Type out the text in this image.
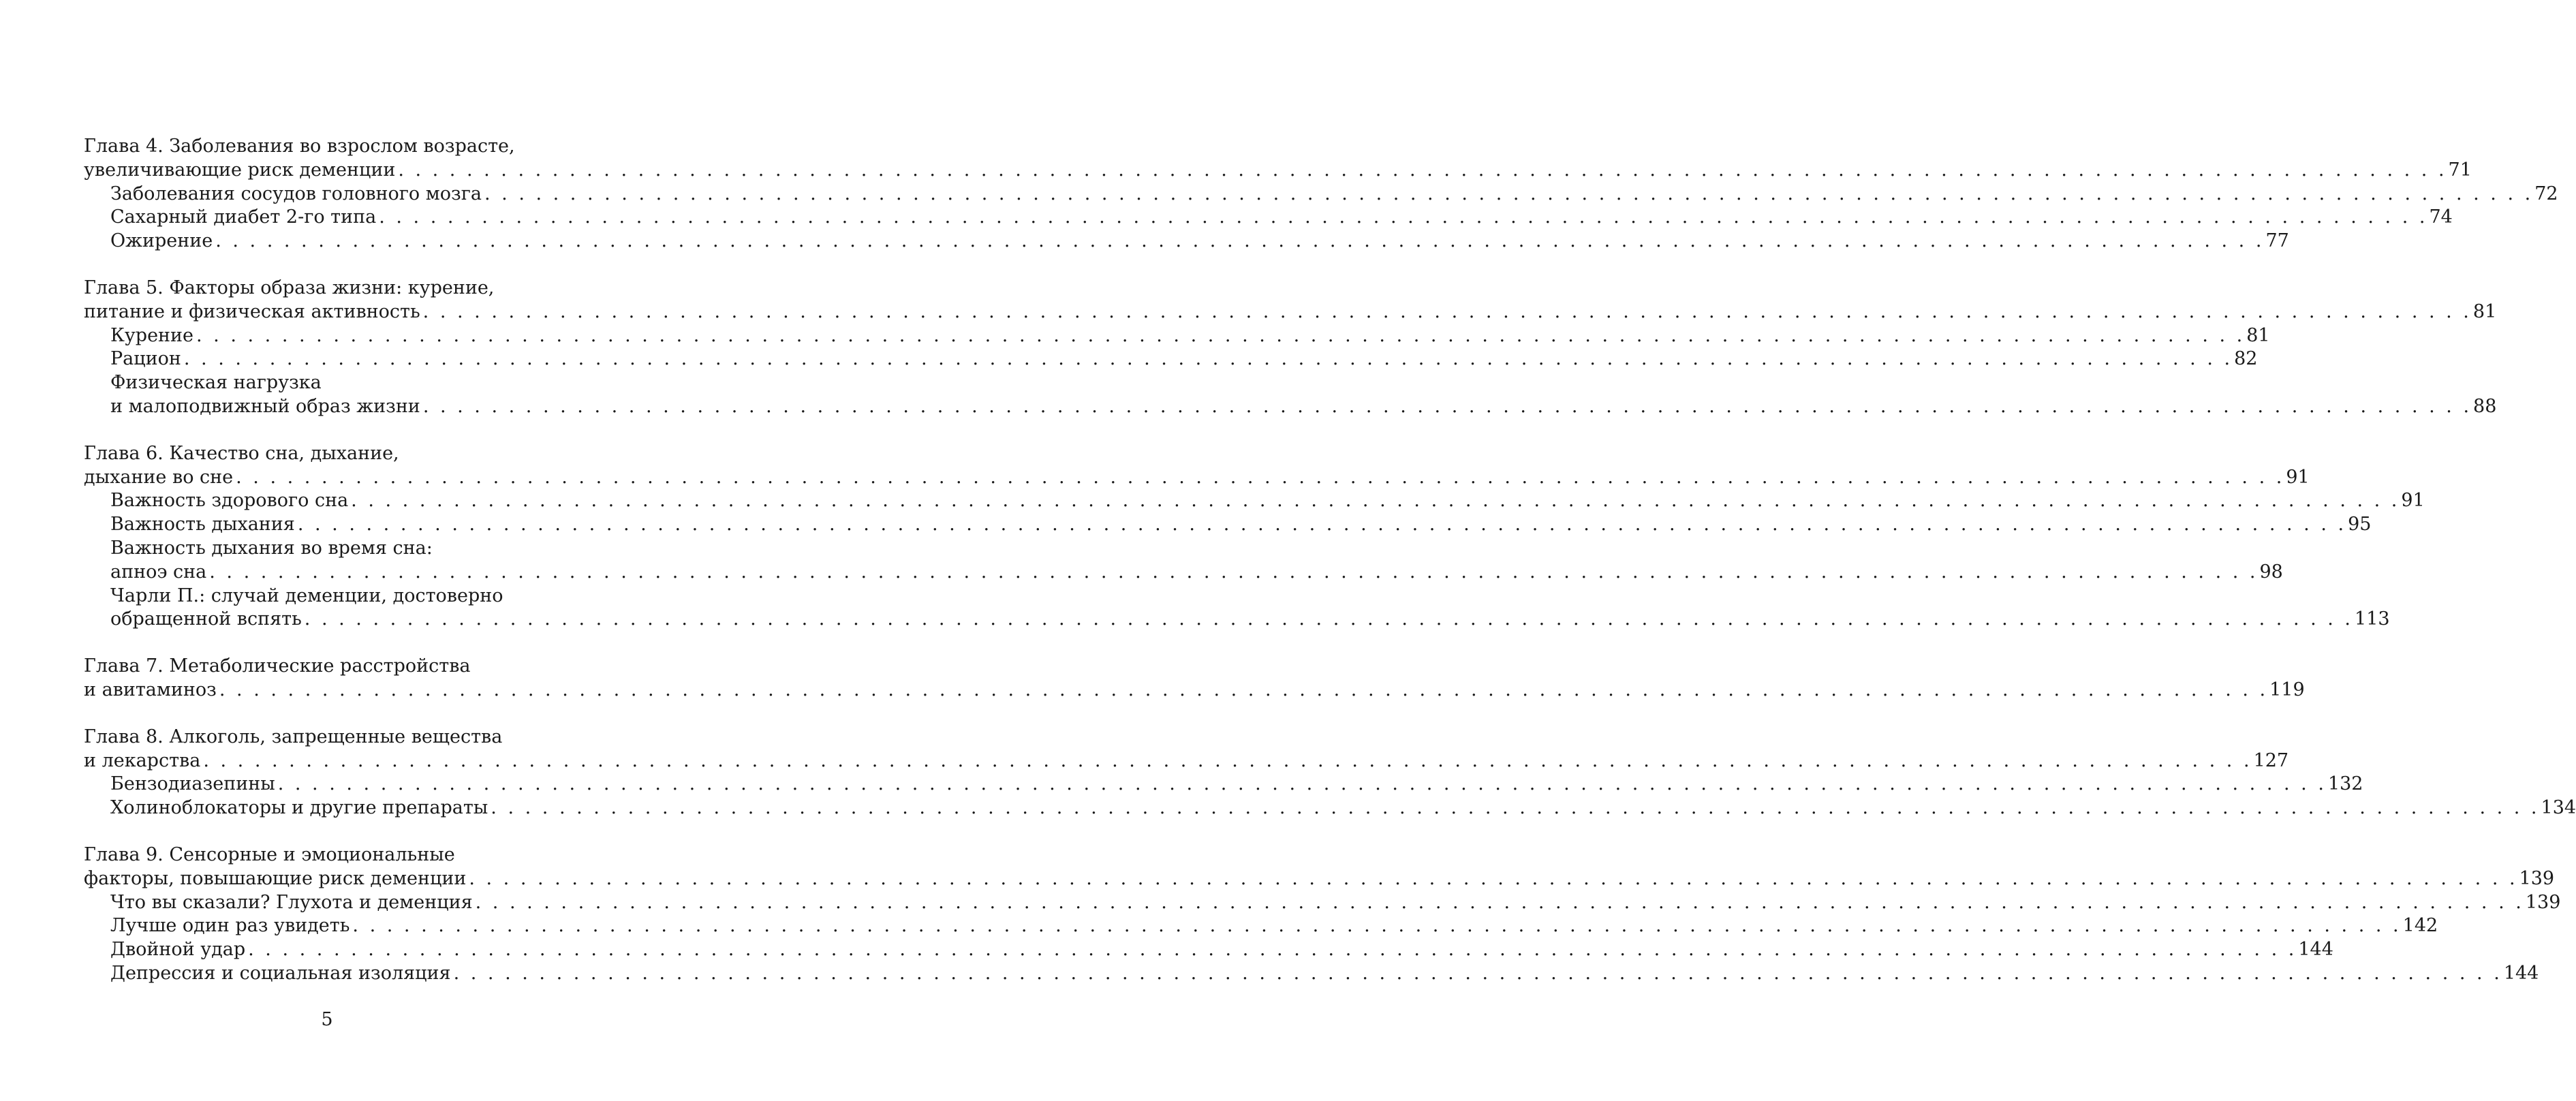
Глава 4. Заболевания во взрослом возрасте,
увеличивающие риск деменции . . . . . . . . . . . . . . . . . . . . . . . . . . . . . . . . . . . . . . . . . . . . . . . . . . . . . . . . . . . . . . . . . . . . . . . . . . . . . . . . . . . . . . . . . . . . . . . . . . . . . . . . . . . . . . . . . . . . . . . . 71
Заболевания сосудов головного мозга . . . . . . . . . . . . . . . . . . . . . . . . . . . . . . . . . . . . . . . . . . . . . . . . . . . . . . . . . . . . . . . . . . . . . . . . . . . . . . . . . . . . . . . . . . . . . . . . . . . . . . . . . . . . . . . . . . . . . . . . 72
Сахарный диабет 2-го типа . . . . . . . . . . . . . . . . . . . . . . . . . . . . . . . . . . . . . . . . . . . . . . . . . . . . . . . . . . . . . . . . . . . . . . . . . . . . . . . . . . . . . . . . . . . . . . . . . . . . . . . . . . . . . . . . . . . . . . . . 74
Ожирение . . . . . . . . . . . . . . . . . . . . . . . . . . . . . . . . . . . . . . . . . . . . . . . . . . . . . . . . . . . . . . . . . . . . . . . . . . . . . . . . . . . . . . . . . . . . . . . . . . . . . . . . . . . . . . . . . . . . . . . . 77
Глава 5. Факторы образа жизни: курение,
питание и физическая активность . . . . . . . . . . . . . . . . . . . . . . . . . . . . . . . . . . . . . . . . . . . . . . . . . . . . . . . . . . . . . . . . . . . . . . . . . . . . . . . . . . . . . . . . . . . . . . . . . . . . . . . . . . . . . . . . . . . . . . . . 81
Курение . . . . . . . . . . . . . . . . . . . . . . . . . . . . . . . . . . . . . . . . . . . . . . . . . . . . . . . . . . . . . . . . . . . . . . . . . . . . . . . . . . . . . . . . . . . . . . . . . . . . . . . . . . . . . . . . . . . . . . . . 81
Рацион . . . . . . . . . . . . . . . . . . . . . . . . . . . . . . . . . . . . . . . . . . . . . . . . . . . . . . . . . . . . . . . . . . . . . . . . . . . . . . . . . . . . . . . . . . . . . . . . . . . . . . . . . . . . . . . . . . . . . . . . 82
Физическая нагрузка
и малоподвижный образ жизни . . . . . . . . . . . . . . . . . . . . . . . . . . . . . . . . . . . . . . . . . . . . . . . . . . . . . . . . . . . . . . . . . . . . . . . . . . . . . . . . . . . . . . . . . . . . . . . . . . . . . . . . . . . . . . . . . . . . . . . . 88
Глава 6. Качество сна, дыхание,
дыхание во сне . . . . . . . . . . . . . . . . . . . . . . . . . . . . . . . . . . . . . . . . . . . . . . . . . . . . . . . . . . . . . . . . . . . . . . . . . . . . . . . . . . . . . . . . . . . . . . . . . . . . . . . . . . . . . . . . . . . . . . . . 91
Важность здорового сна . . . . . . . . . . . . . . . . . . . . . . . . . . . . . . . . . . . . . . . . . . . . . . . . . . . . . . . . . . . . . . . . . . . . . . . . . . . . . . . . . . . . . . . . . . . . . . . . . . . . . . . . . . . . . . . . . . . . . . . . 91
Важность дыхания . . . . . . . . . . . . . . . . . . . . . . . . . . . . . . . . . . . . . . . . . . . . . . . . . . . . . . . . . . . . . . . . . . . . . . . . . . . . . . . . . . . . . . . . . . . . . . . . . . . . . . . . . . . . . . . . . . . . . . . . 95
Важность дыхания во время сна:
апноэ сна . . . . . . . . . . . . . . . . . . . . . . . . . . . . . . . . . . . . . . . . . . . . . . . . . . . . . . . . . . . . . . . . . . . . . . . . . . . . . . . . . . . . . . . . . . . . . . . . . . . . . . . . . . . . . . . . . . . . . . . . 98
Чарли П.: случай деменции, достоверно
обращенной вспять . . . . . . . . . . . . . . . . . . . . . . . . . . . . . . . . . . . . . . . . . . . . . . . . . . . . . . . . . . . . . . . . . . . . . . . . . . . . . . . . . . . . . . . . . . . . . . . . . . . . . . . . . . . . . . . . . . . . . . . . 113
Глава 7. Метаболические расстройства
и авитаминоз . . . . . . . . . . . . . . . . . . . . . . . . . . . . . . . . . . . . . . . . . . . . . . . . . . . . . . . . . . . . . . . . . . . . . . . . . . . . . . . . . . . . . . . . . . . . . . . . . . . . . . . . . . . . . . . . . . . . . . . . 119
Глава 8. Алкоголь, запрещенные вещества
и лекарства . . . . . . . . . . . . . . . . . . . . . . . . . . . . . . . . . . . . . . . . . . . . . . . . . . . . . . . . . . . . . . . . . . . . . . . . . . . . . . . . . . . . . . . . . . . . . . . . . . . . . . . . . . . . . . . . . . . . . . . . 127
Бензодиазепины . . . . . . . . . . . . . . . . . . . . . . . . . . . . . . . . . . . . . . . . . . . . . . . . . . . . . . . . . . . . . . . . . . . . . . . . . . . . . . . . . . . . . . . . . . . . . . . . . . . . . . . . . . . . . . . . . . . . . . . . 132
Холиноблокаторы и другие препараты . . . . . . . . . . . . . . . . . . . . . . . . . . . . . . . . . . . . . . . . . . . . . . . . . . . . . . . . . . . . . . . . . . . . . . . . . . . . . . . . . . . . . . . . . . . . . . . . . . . . . . . . . . . . . . . . . . . . . . . . 134
Глава 9. Сенсорные и эмоциональные
факторы, повышающие риск деменции . . . . . . . . . . . . . . . . . . . . . . . . . . . . . . . . . . . . . . . . . . . . . . . . . . . . . . . . . . . . . . . . . . . . . . . . . . . . . . . . . . . . . . . . . . . . . . . . . . . . . . . . . . . . . . . . . . . . . . . . 139
Что вы сказали? Глухота и деменция . . . . . . . . . . . . . . . . . . . . . . . . . . . . . . . . . . . . . . . . . . . . . . . . . . . . . . . . . . . . . . . . . . . . . . . . . . . . . . . . . . . . . . . . . . . . . . . . . . . . . . . . . . . . . . . . . . . . . . . . 139
Лучше один раз увидеть . . . . . . . . . . . . . . . . . . . . . . . . . . . . . . . . . . . . . . . . . . . . . . . . . . . . . . . . . . . . . . . . . . . . . . . . . . . . . . . . . . . . . . . . . . . . . . . . . . . . . . . . . . . . . . . . . . . . . . . . 142
Двойной удар . . . . . . . . . . . . . . . . . . . . . . . . . . . . . . . . . . . . . . . . . . . . . . . . . . . . . . . . . . . . . . . . . . . . . . . . . . . . . . . . . . . . . . . . . . . . . . . . . . . . . . . . . . . . . . . . . . . . . . . . 144
Депрессия и социальная изоляция . . . . . . . . . . . . . . . . . . . . . . . . . . . . . . . . . . . . . . . . . . . . . . . . . . . . . . . . . . . . . . . . . . . . . . . . . . . . . . . . . . . . . . . . . . . . . . . . . . . . . . . . . . . . . . . . . . . . . . . . 144
5
